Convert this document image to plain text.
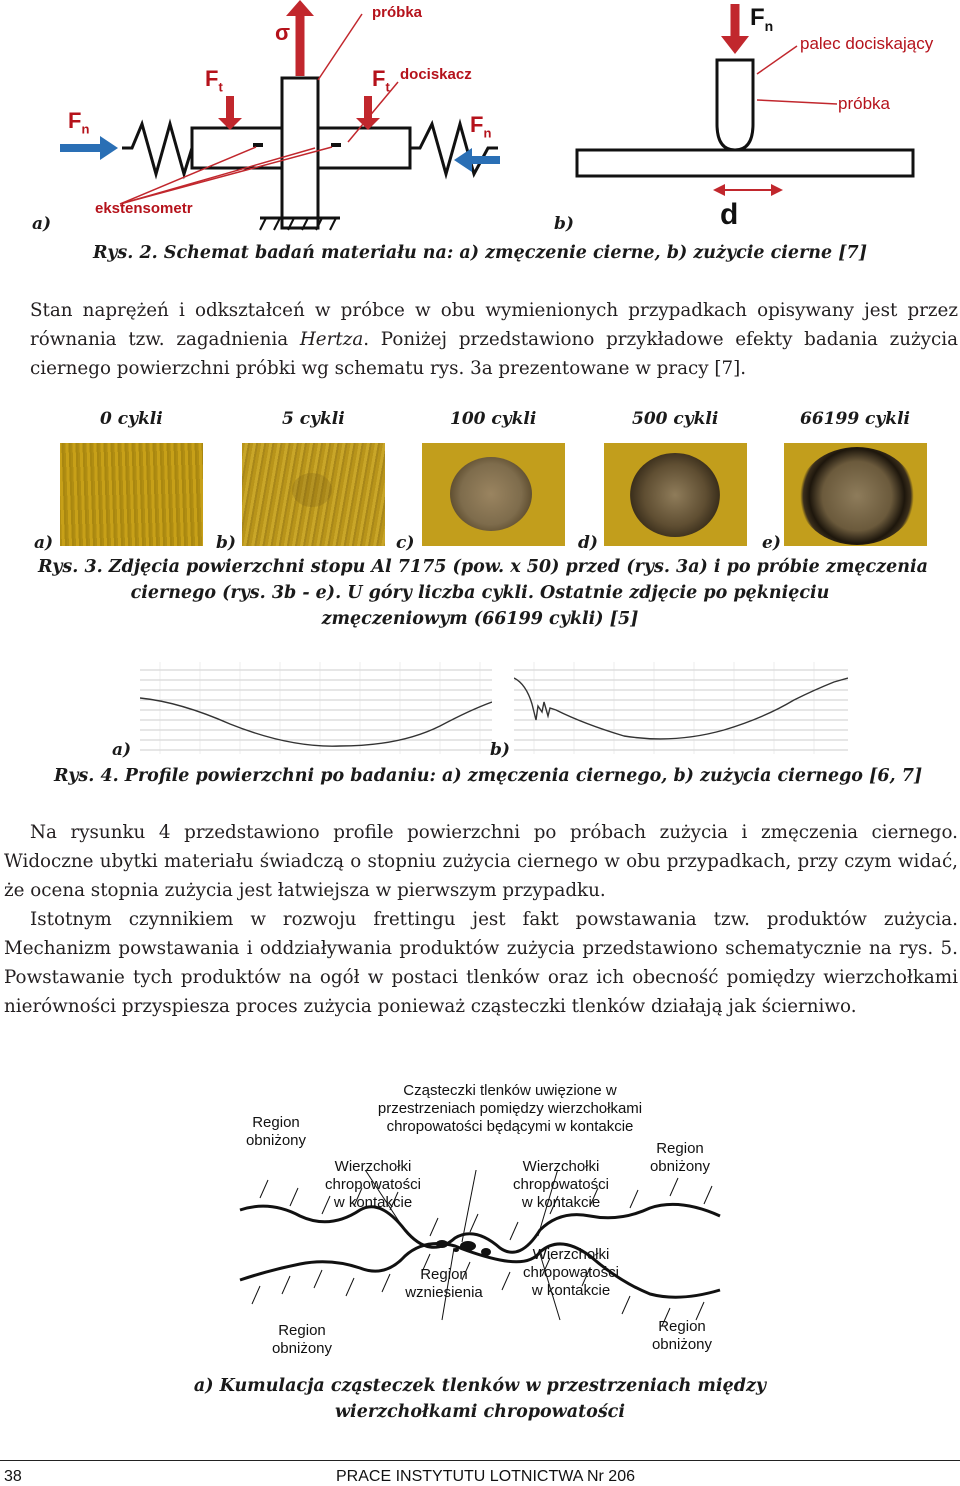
próbka
σ
$F_t$	$F_t$
dociskacz
$F_n$	$F_n$
ekstensometr
$F_n$
palec dociskający
próbka
d
a)	b)
Rys. 2. Schemat badań materiału na: a) zmęczenie cierne, b) zużycie cierne [7]

Stan naprężeń i odkształceń w próbce w obu wymienionych przypadkach opisywany jest przez równania tzw. zagadnienia Hertza. Poniżej przedstawiono przykładowe efekty badania zużycia ciernego powierzchni próbki wg schematu rys. 3a prezentowane w pracy [7].

0 cykli	5 cykli	100 cykli	500 cykli	66199 cykli
a)	b)	c)	d)	e)
Rys. 3. Zdjęcia powierzchni stopu Al 7175 (pow. x 50) przed (rys. 3a) i po próbie zmęczenia
ciernego (rys. 3b - e). U góry liczba cykli. Ostatnie zdjęcie po pęknięciu
zmęczeniowym (66199 cykli) [5]
a)	b)
Rys. 4. Profile powierzchni po badaniu: a) zmęczenia ciernego, b) zużycia ciernego [6, 7]

Na rysunku 4 przedstawiono profile powierzchni po próbach zużycia i zmęczenia ciernego. Widoczne ubytki materiału świadczą o stopniu zużycia ciernego w obu przypadkach, przy czym widać, że ocena stopnia zużycia jest łatwiejsza w pierwszym przypadku.

Istotnym czynnikiem w rozwoju frettingu jest fakt powstawania tzw. produktów zużycia. Mechanizm powstawania i oddziaływania produktów zużycia przedstawiono schematycznie na rys. 5. Powstawanie tych produktów na ogół w postaci tlenków oraz ich obecność pomiędzy wierzchołkami nierówności przyspiesza proces zużycia ponieważ cząsteczki tlenków działają jak ścierniwo.

Cząsteczki tlenków uwięzione w
przestrzeniach pomiędzy wierzchołkami
chropowatości będącymi w kontakcie
Region
obniżony	Region
obniżony
Wierzchołki
chropowatości
w kontakcie
Wierzchołki
chropowatości
w kontakcie
Region
wzniesienia
Wierzchołki
chropowatości
w kontakcie
Region
obniżony
Region
obniżony
a) Kumulacja cząsteczek tlenków w przestrzeniach między
wierzchołkami chropowatości
38	PRACE INSTYTUTU LOTNICTWA Nr 206
